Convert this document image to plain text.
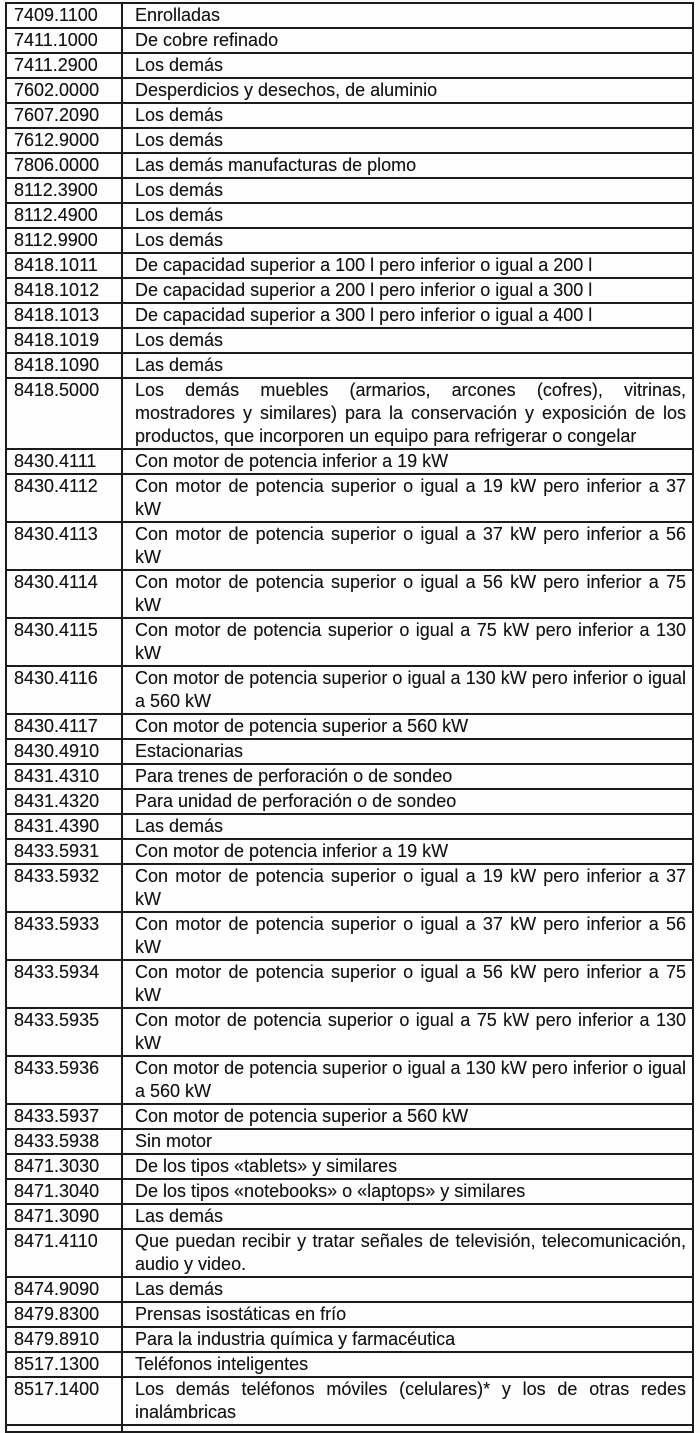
7409.1100	Enrolladas
7411.1000	De cobre refinado
7411.2900	Los demás
7602.0000	Desperdicios y desechos, de aluminio
7607.2090	Los demás
7612.9000	Los demás
7806.0000	Las demás manufacturas de plomo
8112.3900	Los demás
8112.4900	Los demás
8112.9900	Los demás
8418.1011	De capacidad superior a 100 l pero inferior o igual a 200 l
8418.1012	De capacidad superior a 200 l pero inferior o igual a 300 l
8418.1013	De capacidad superior a 300 l pero inferior o igual a 400 l
8418.1019	Los demás
8418.1090	Las demás
8418.5000	Los demás muebles (armarios, arcones (cofres), vitrinas, mostradores y similares) para la conservación y exposición de los productos, que incorporen un equipo para refrigerar o congelar
8430.4111	Con motor de potencia inferior a 19 kW
8430.4112	Con motor de potencia superior o igual a 19 kW pero inferior a 37 kW
8430.4113	Con motor de potencia superior o igual a 37 kW pero inferior a 56 kW
8430.4114	Con motor de potencia superior o igual a 56 kW pero inferior a 75 kW
8430.4115	Con motor de potencia superior o igual a 75 kW pero inferior a 130 kW
8430.4116	Con motor de potencia superior o igual a 130 kW pero inferior o igual a 560 kW
8430.4117	Con motor de potencia superior a 560 kW
8430.4910	Estacionarias
8431.4310	Para trenes de perforación o de sondeo
8431.4320	Para unidad de perforación o de sondeo
8431.4390	Las demás
8433.5931	Con motor de potencia inferior a 19 kW
8433.5932	Con motor de potencia superior o igual a 19 kW pero inferior a 37 kW
8433.5933	Con motor de potencia superior o igual a 37 kW pero inferior a 56 kW
8433.5934	Con motor de potencia superior o igual a 56 kW pero inferior a 75 kW
8433.5935	Con motor de potencia superior o igual a 75 kW pero inferior a 130 kW
8433.5936	Con motor de potencia superior o igual a 130 kW pero inferior o igual a 560 kW
8433.5937	Con motor de potencia superior a 560 kW
8433.5938	Sin motor
8471.3030	De los tipos «tablets» y similares
8471.3040	De los tipos «notebooks» o «laptops» y similares
8471.3090	Las demás
8471.4110	Que puedan recibir y tratar señales de televisión, telecomunicación, audio y video.
8474.9090	Las demás
8479.8300	Prensas isostáticas en frío
8479.8910	Para la industria química y farmacéutica
8517.1300	Teléfonos inteligentes
8517.1400	Los demás teléfonos móviles (celulares)* y los de otras redes inalámbricas
